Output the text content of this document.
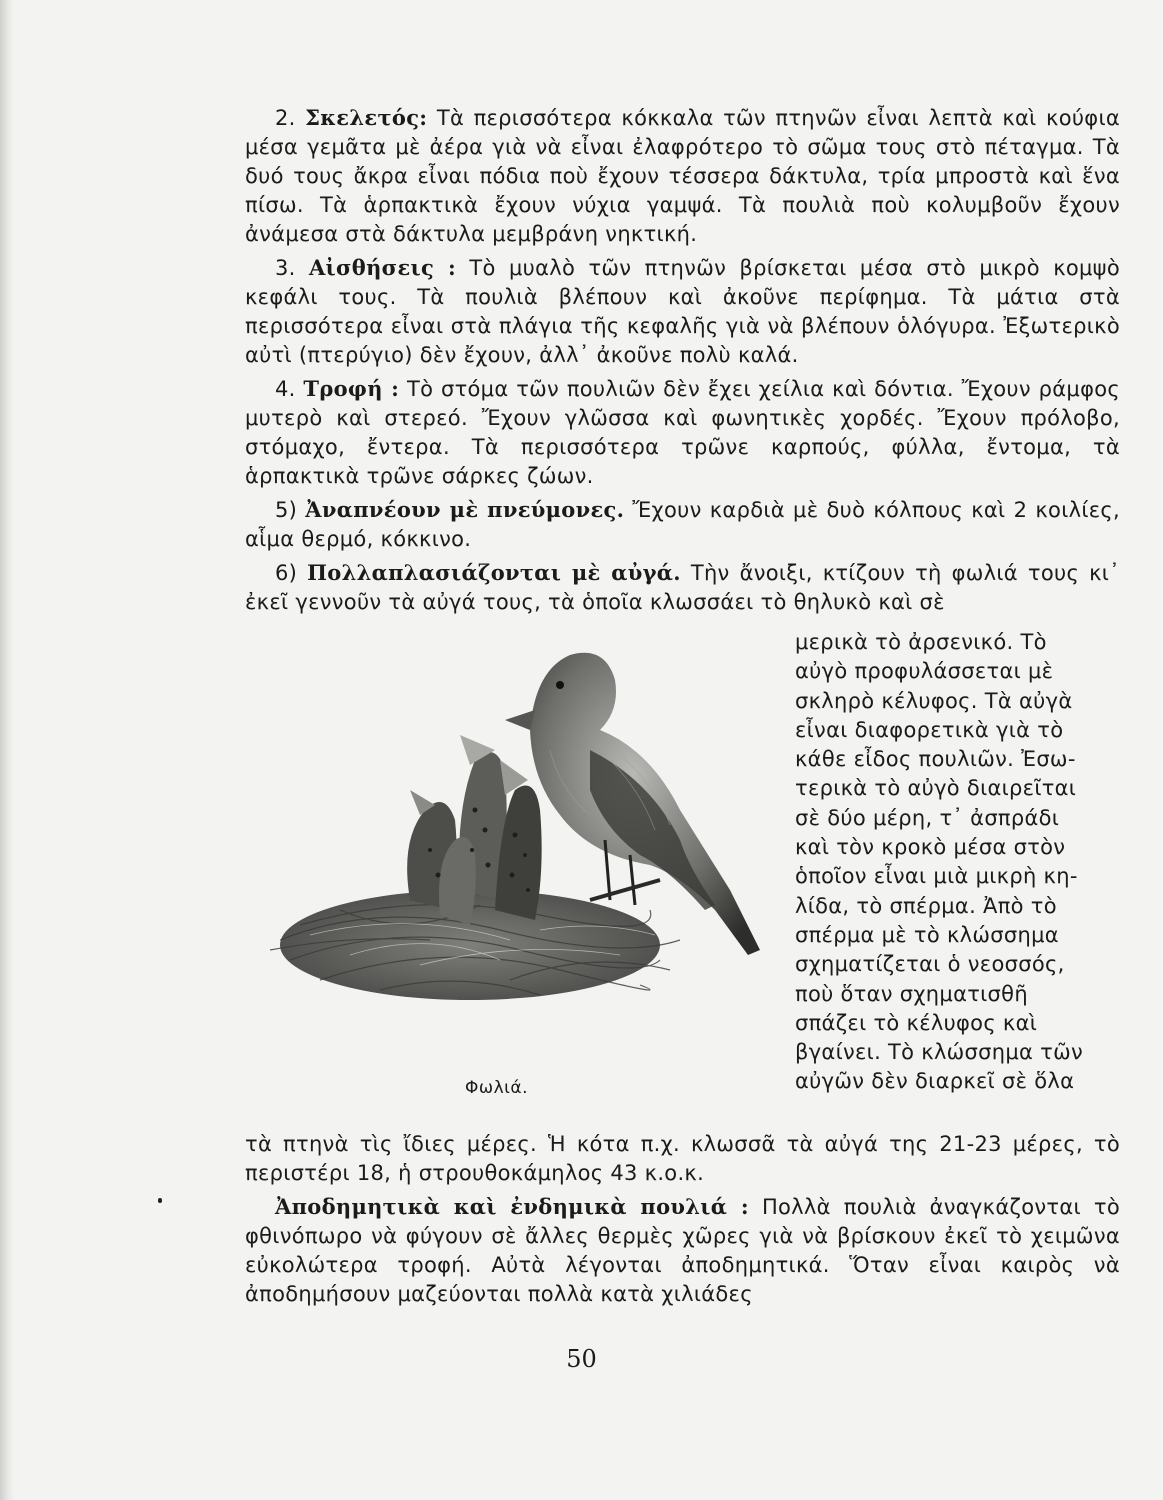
2. Σκελετός: Τὰ περισσότερα κόκκαλα τῶν πτηνῶν εἶναι λεπτὰ καὶ κούφια μέσα γεμᾶτα μὲ ἀέρα γιὰ νὰ εἶναι ἐλαφρότερο τὸ σῶμα τους στὸ πέταγμα. Τὰ δυό τους ἄκρα εἶναι πόδια ποὺ ἔχουν τέσσερα δάκτυλα, τρία μπροστὰ καὶ ἕνα πίσω. Τὰ ἁρπακτικὰ ἔχουν νύχια γαμψά. Τὰ πουλιὰ ποὺ κολυμβοῦν ἔχουν ἀνάμεσα στὰ δάκτυλα μεμβράνη νηκτική.

3. Αἰσθήσεις : Τὸ μυαλὸ τῶν πτηνῶν βρίσκεται μέσα στὸ μικρὸ κομψὸ κεφάλι τους. Τὰ πουλιὰ βλέπουν καὶ ἀκοῦνε περίφημα. Τὰ μάτια στὰ περισσότερα εἶναι στὰ πλάγια τῆς κεφαλῆς γιὰ νὰ βλέπουν ὁλόγυρα. Ἐξωτερικὸ αὐτὶ (πτερύγιο) δὲν ἔχουν, ἀλλ᾽ ἀκοῦνε πολὺ καλά.

4. Τροφή : Τὸ στόμα τῶν πουλιῶν δὲν ἔχει χείλια καὶ δόντια. Ἔχουν ράμφος μυτερὸ καὶ στερεό. Ἔχουν γλῶσσα καὶ φωνητικὲς χορδές. Ἔχουν πρόλοβο, στόμαχο, ἔντερα. Τὰ περισσότερα τρῶνε καρπούς, φύλλα, ἔντομα, τὰ ἁρπακτικὰ τρῶνε σάρκες ζώων.

5) Ἀναπνέουν μὲ πνεύμονες. Ἔχουν καρδιὰ μὲ δυὸ κόλπους καὶ 2 κοιλίες, αἷμα θερμό, κόκκινο.

6) Πολλαπλασιάζονται μὲ αὐγά. Τὴν ἄνοιξι, κτίζουν τὴ φωλιά τους κι᾽ ἐκεῖ γεννοῦν τὰ αὐγά τους, τὰ ὁποῖα κλωσσάει τὸ θηλυκὸ καὶ σὲ

Φωλιά.
μερικὰ τὸ ἀρσενικό. Τὸ
αὐγὸ προφυλάσσεται μὲ
σκληρὸ κέλυφος. Τὰ αὐγὰ
εἶναι διαφορετικὰ γιὰ τὸ
κάθε εἶδος πουλιῶν. Ἐσω-
τερικὰ τὸ αὐγὸ διαιρεῖται
σὲ δύο μέρη, τ᾽ ἀσπράδι
καὶ τὸν κροκὸ μέσα στὸν
ὁποῖον εἶναι μιὰ μικρὴ κη-
λίδα, τὸ σπέρμα. Ἀπὸ τὸ
σπέρμα μὲ τὸ κλώσσημα
σχηματίζεται ὁ νεοσσός,
ποὺ ὅταν σχηματισθῆ
σπάζει τὸ κέλυφος καὶ
βγαίνει. Τὸ κλώσσημα τῶν
αὐγῶν δὲν διαρκεῖ σὲ ὅλα

τὰ πτηνὰ τὶς ἴδιες μέρες. Ἡ κότα π.χ. κλωσσᾶ τὰ αὐγά της 21-23 μέρες, τὸ περιστέρι 18, ἡ στρουθοκάμηλος 43 κ.ο.κ.

Ἀποδημητικὰ καὶ ἐνδημικὰ πουλιά : Πολλὰ πουλιὰ ἀναγκάζονται τὸ φθινόπωρο νὰ φύγουν σὲ ἄλλες θερμὲς χῶρες γιὰ νὰ βρίσκουν ἐκεῖ τὸ χειμῶνα εὐκολώτερα τροφή. Αὐτὰ λέγονται ἀποδημητικά. Ὅταν εἶναι καιρὸς νὰ ἀποδημήσουν μαζεύονται πολλὰ κατὰ χιλιάδες

50
